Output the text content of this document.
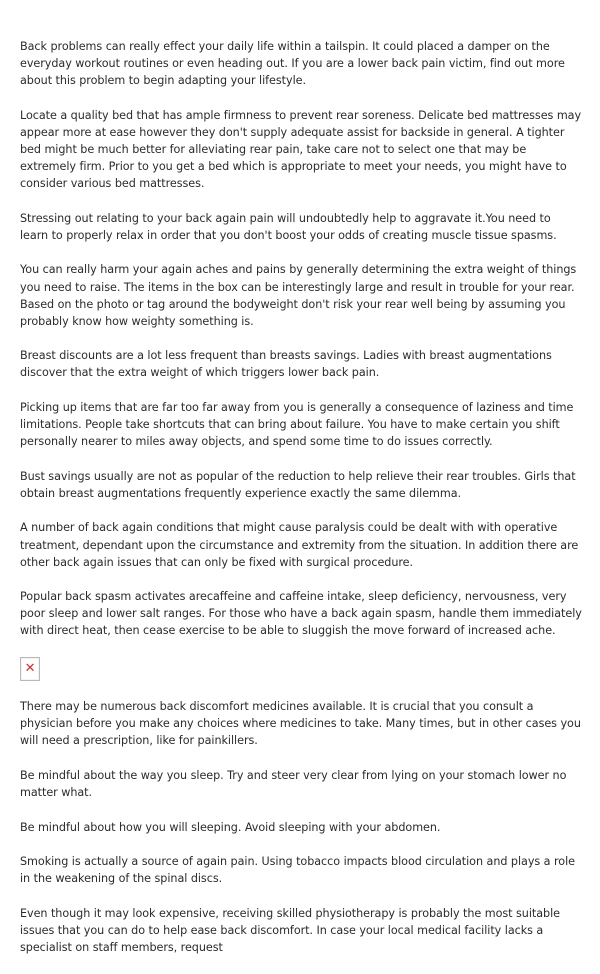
Back problems can really effect your daily life within a tailspin. It could placed a damper on the everyday workout routines or even heading out. If you are a lower back pain victim, find out more about this problem to begin adapting your lifestyle.

Locate a quality bed that has ample firmness to prevent rear soreness. Delicate bed mattresses may appear more at ease however they don't supply adequate assist for backside in general. A tighter bed might be much better for alleviating rear pain, take care not to select one that may be extremely firm. Prior to you get a bed which is appropriate to meet your needs, you might have to consider various bed mattresses.

Stressing out relating to your back again pain will undoubtedly help to aggravate it.You need to learn to properly relax in order that you don't boost your odds of creating muscle tissue spasms.

You can really harm your again aches and pains by generally determining the extra weight of things you need to raise. The items in the box can be interestingly large and result in trouble for your rear. Based on the photo or tag around the bodyweight don't risk your rear well being by assuming you probably know how weighty something is.

Breast discounts are a lot less frequent than breasts savings. Ladies with breast augmentations discover that the extra weight of which triggers lower back pain.

Picking up items that are far too far away from you is generally a consequence of laziness and time limitations. People take shortcuts that can bring about failure. You have to make certain you shift personally nearer to miles away objects, and spend some time to do issues correctly.

Bust savings usually are not as popular of the reduction to help relieve their rear troubles. Girls that obtain breast augmentations frequently experience exactly the same dilemma.

A number of back again conditions that might cause paralysis could be dealt with with operative treatment, dependant upon the circumstance and extremity from the situation. In addition there are other back again issues that can only be fixed with surgical procedure.

Popular back spasm activates arecaffeine and caffeine intake, sleep deficiency, nervousness, very poor sleep and lower salt ranges. For those who have a back again spasm, handle them immediately with direct heat, then cease exercise to be able to sluggish the move forward of increased ache.

✕

There may be numerous back discomfort medicines available. It is crucial that you consult a physician before you make any choices where medicines to take. Many times, but in other cases you will need a prescription, like for painkillers.

Be mindful about the way you sleep. Try and steer very clear from lying on your stomach lower no matter what.

Be mindful about how you will sleeping. Avoid sleeping with your abdomen.

Smoking is actually a source of again pain. Using tobacco impacts blood circulation and plays a role in the weakening of the spinal discs.

Even though it may look expensive, receiving skilled physiotherapy is probably the most suitable issues that you can do to help ease back discomfort. In case your local medical facility lacks a specialist on staff members, request
